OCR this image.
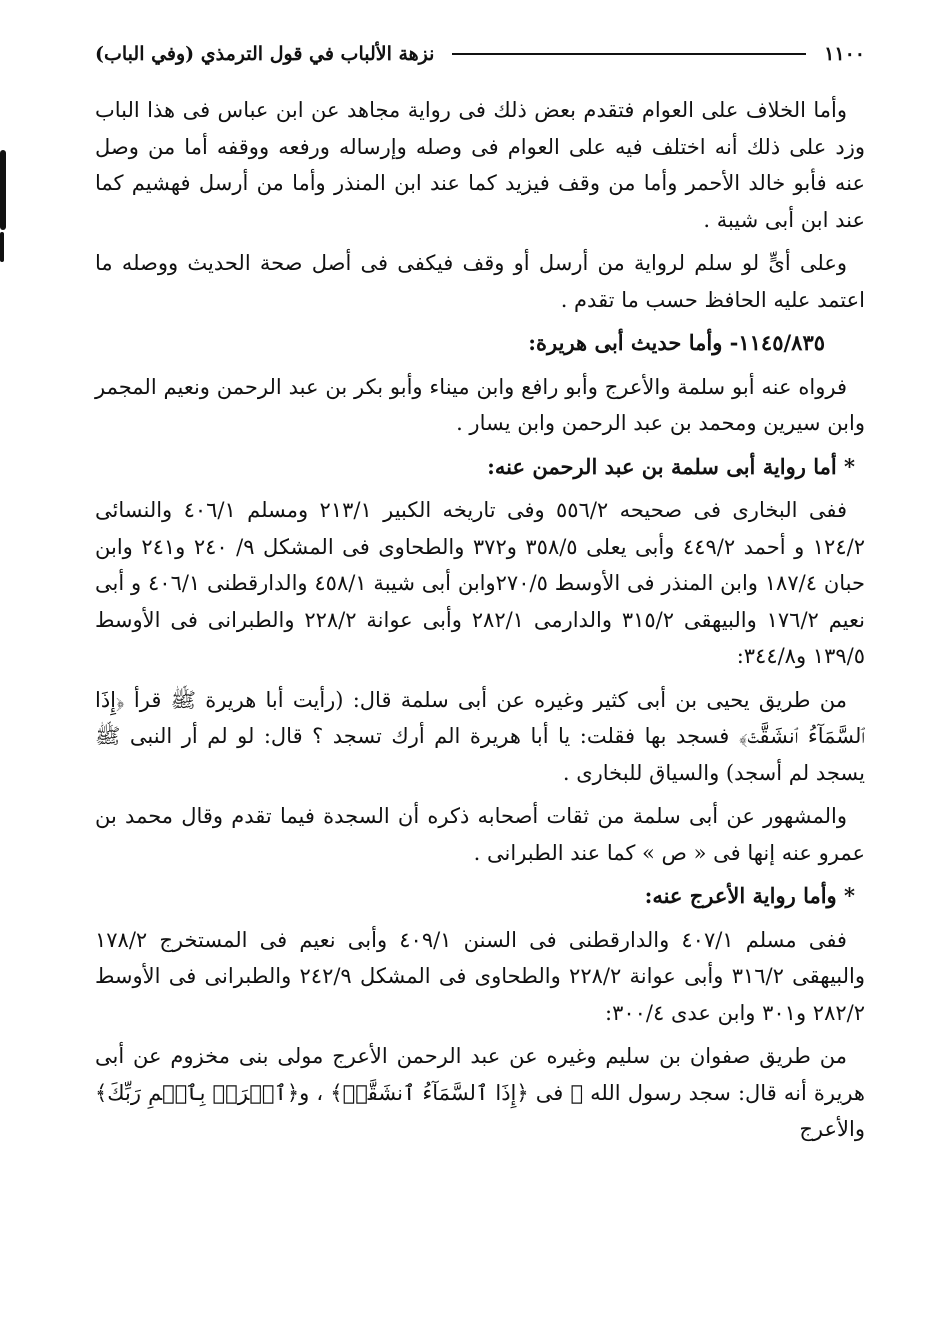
١١٠٠
نزهة الألباب في قول الترمذي (وفي الباب)

وأما الخلاف على العوام فتقدم بعض ذلك فى رواية مجاهد عن ابن عباس فى هذا الباب وزد على ذلك أنه اختلف فيه على العوام فى وصله وإرساله ورفعه ووقفه أما من وصل عنه فأبو خالد الأحمر وأما من وقف فيزيد كما عند ابن المنذر وأما من أرسل فهشيم كما عند ابن أبى شيبة .

وعلى أىٍّ لو سلم لرواية من أرسل أو وقف فيكفى فى أصل صحة الحديث ووصله ما اعتمد عليه الحافظ حسب ما تقدم .

١١٤٥/٨٣٥- وأما حديث أبى هريرة:

فرواه عنه أبو سلمة والأعرج وأبو رافع وابن ميناء وأبو بكر بن عبد الرحمن ونعيم المجمر وابن سيرين ومحمد بن عبد الرحمن وابن يسار .

* أما رواية أبى سلمة بن عبد الرحمن عنه:

ففى البخارى فى صحيحه ٥٥٦/٢ وفى تاريخه الكبير ٢١٣/١ ومسلم ٤٠٦/١ والنسائى ١٢٤/٢ و أحمد ٤٤٩/٢ وأبى يعلى ٣٥٨/٥ و٣٧٢ والطحاوى فى المشكل ٩/ ٢٤٠ و٢٤١ وابن حبان ١٨٧/٤ وابن المنذر فى الأوسط ٢٧٠/٥وابن أبى شيبة ٤٥٨/١ والدارقطنى ٤٠٦/١ و أبى نعيم ١٧٦/٢ والبيهقى ٣١٥/٢ والدارمى ٢٨٢/١ وأبى عوانة ٢٢٨/٢ والطبرانى فى الأوسط ١٣٩/٥ و٣٤٤/٨:

من طريق يحيى بن أبى كثير وغيره عن أبى سلمة قال: (رأيت أبا هريرة ﷺ قرأ ﴿إِذَا ٱلسَّمَآءُ ٱنشَقَّتۡ﴾ فسجد بها فقلت: يا أبا هريرة الم أرك تسجد ؟ قال: لو لم أر النبى ﷺ يسجد لم أسجد) والسياق للبخارى .

والمشهور عن أبى سلمة من ثقات أصحابه ذكره أن السجدة فيما تقدم وقال محمد بن عمرو عنه إنها فى « ص » كما عند الطبرانى .

* وأما رواية الأعرج عنه:

ففى مسلم ٤٠٧/١ والدارقطنى فى السنن ٤٠٩/١ وأبى نعيم فى المستخرج ١٧٨/٢ والبيهقى ٣١٦/٢ وأبى عوانة ٢٢٨/٢ والطحاوى فى المشكل ٢٤٢/٩ والطبرانى فى الأوسط ٢٨٢/٢ و٣٠١ وابن عدى ٣٠٠/٤:

من طريق صفوان بن سليم وغيره عن عبد الرحمن الأعرج مولى بنى مخزوم عن أبى هريرة أنه قال: سجد رسول الله ﷺ فى ﴿إِذَا ٱلسَّمَآءُ ٱنشَقَّتۡ﴾ ، و﴿ٱقۡرَأۡ بِٱسۡمِ رَبِّكَ﴾ والأعرج
